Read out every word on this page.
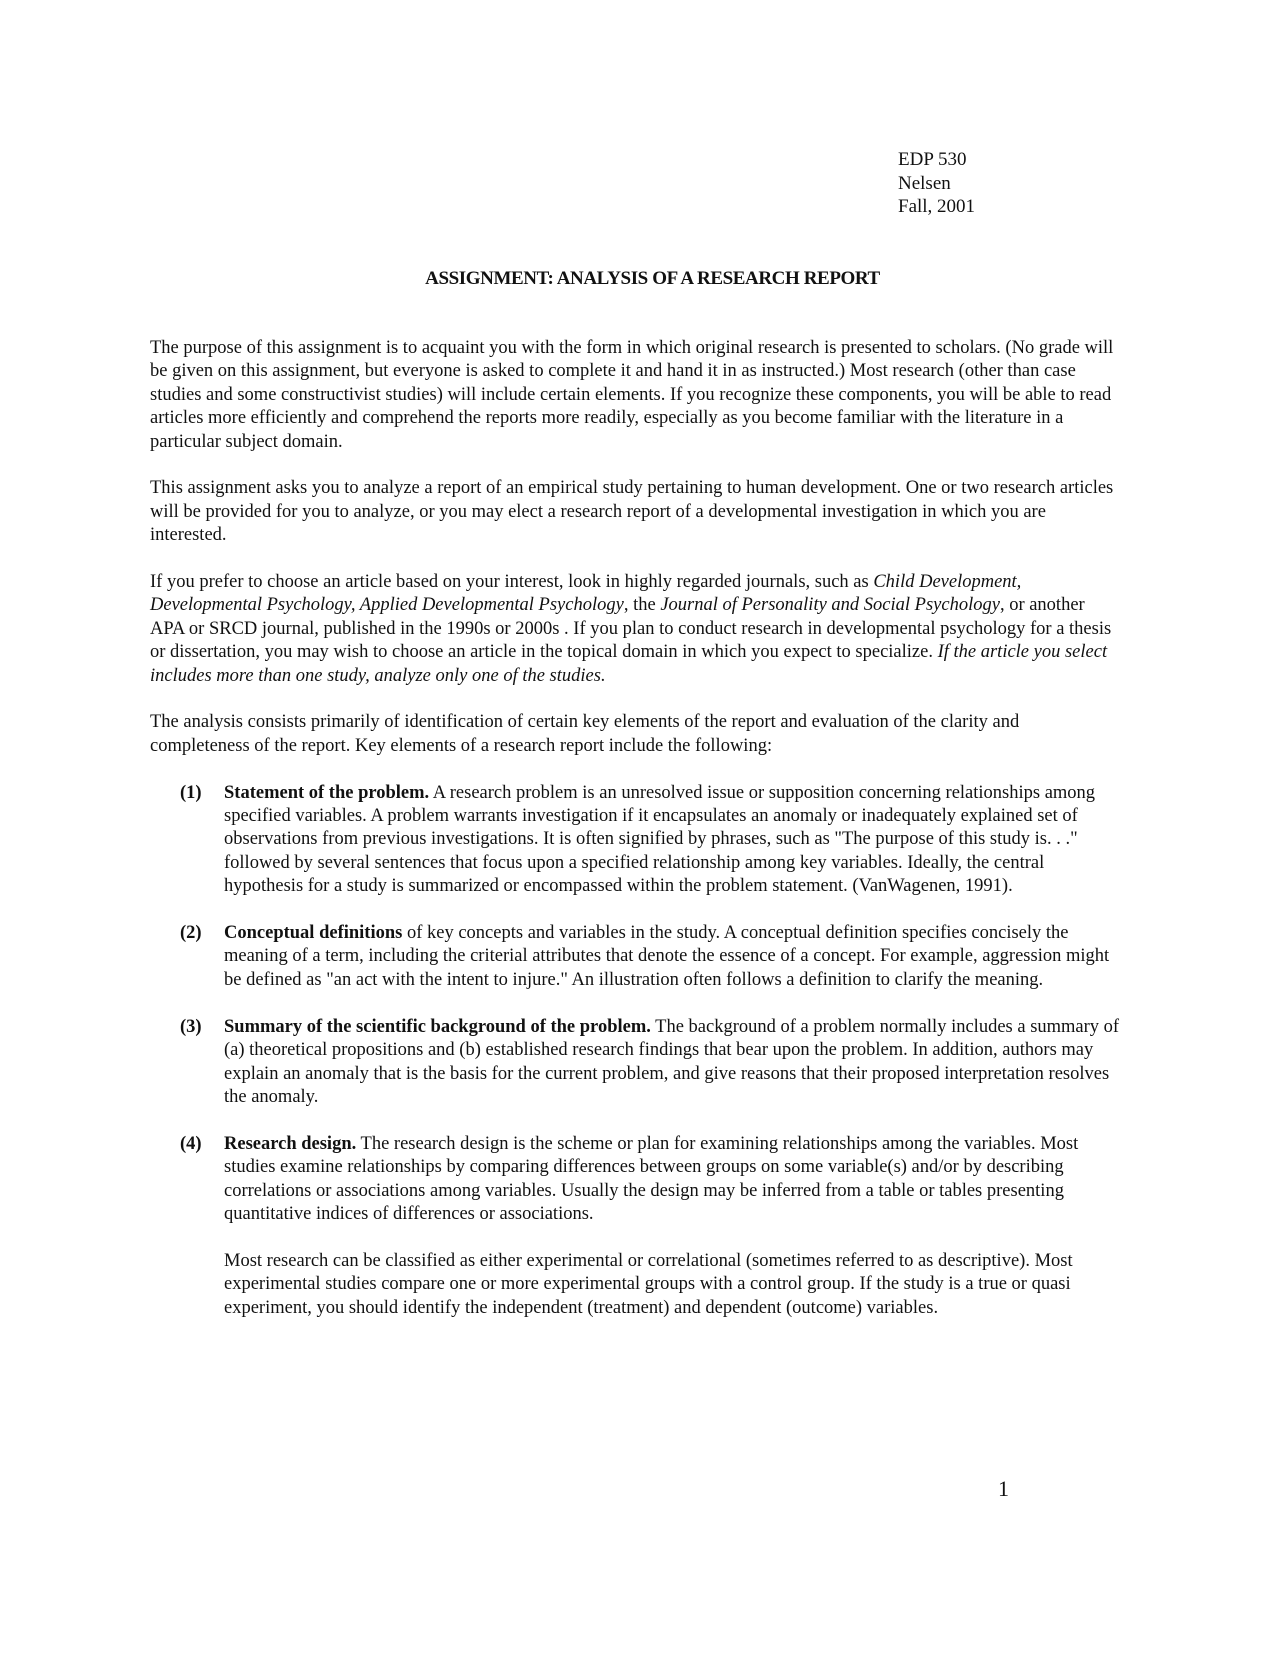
EDP 530
Nelsen
Fall, 2001
ASSIGNMENT: ANALYSIS OF A RESEARCH REPORT

The purpose of this assignment is to acquaint you with the form in which original research is presented to scholars. (No grade will be given on this assignment, but everyone is asked to complete it and hand it in as instructed.) Most research (other than case studies and some constructivist studies) will include certain elements. If you recognize these components, you will be able to read articles more efficiently and comprehend the reports more readily, especially as you become familiar with the literature in a particular subject domain.

This assignment asks you to analyze a report of an empirical study pertaining to human development. One or two research articles will be provided for you to analyze, or you may elect a research report of a developmental investigation in which you are interested.

If you prefer to choose an article based on your interest, look in highly regarded journals, such as Child Development, Developmental Psychology, Applied Developmental Psychology, the Journal of Personality and Social Psychology, or another APA or SRCD journal, published in the 1990s or 2000s . If you plan to conduct research in developmental psychology for a thesis or dissertation, you may wish to choose an article in the topical domain in which you expect to specialize. If the article you select includes more than one study, analyze only one of the studies.

The analysis consists primarily of identification of certain key elements of the report and evaluation of the clarity and completeness of the report. Key elements of a research report include the following:

(1) Statement of the problem. A research problem is an unresolved issue or supposition concerning relationships among specified variables. A problem warrants investigation if it encapsulates an anomaly or inadequately explained set of observations from previous investigations. It is often signified by phrases, such as "The purpose of this study is. . ." followed by several sentences that focus upon a specified relationship among key variables. Ideally, the central hypothesis for a study is summarized or encompassed within the problem statement. (VanWagenen, 1991).
(2) Conceptual definitions of key concepts and variables in the study. A conceptual definition specifies concisely the meaning of a term, including the criterial attributes that denote the essence of a concept. For example, aggression might be defined as "an act with the intent to injure." An illustration often follows a definition to clarify the meaning.
(3) Summary of the scientific background of the problem. The background of a problem normally includes a summary of (a) theoretical propositions and (b) established research findings that bear upon the problem. In addition, authors may explain an anomaly that is the basis for the current problem, and give reasons that their proposed interpretation resolves the anomaly.
(4) Research design. The research design is the scheme or plan for examining relationships among the variables. Most studies examine relationships by comparing differences between groups on some variable(s) and/or by describing correlations or associations among variables. Usually the design may be inferred from a table or tables presenting quantitative indices of differences or associations.

Most research can be classified as either experimental or correlational (sometimes referred to as descriptive). Most experimental studies compare one or more experimental groups with a control group. If the study is a true or quasi experiment, you should identify the independent (treatment) and dependent (outcome) variables.

1
